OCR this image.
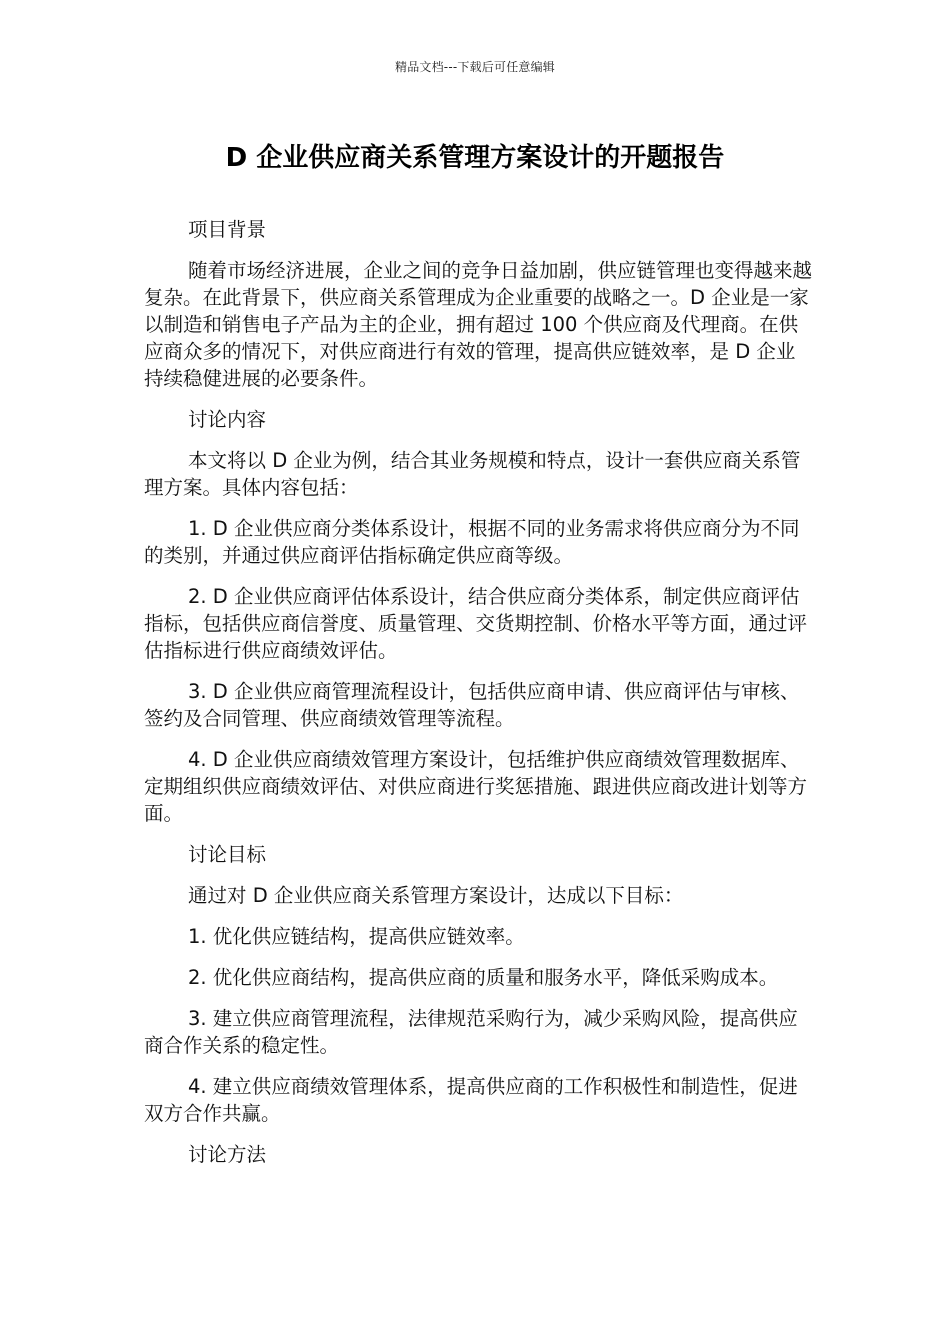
精品文档---下载后可任意编辑
D 企业供应商关系管理方案设计的开题报告

项目背景

随着市场经济进展，企业之间的竞争日益加剧，供应链管理也变得越来越复杂。在此背景下，供应商关系管理成为企业重要的战略之一。D 企业是一家以制造和销售电子产品为主的企业，拥有超过 100 个供应商及代理商。在供应商众多的情况下，对供应商进行有效的管理，提高供应链效率，是 D 企业持续稳健进展的必要条件。

讨论内容

本文将以 D 企业为例，结合其业务规模和特点，设计一套供应商关系管理方案。具体内容包括：

1. D 企业供应商分类体系设计，根据不同的业务需求将供应商分为不同的类别，并通过供应商评估指标确定供应商等级。

2. D 企业供应商评估体系设计，结合供应商分类体系，制定供应商评估指标，包括供应商信誉度、质量管理、交货期控制、价格水平等方面，通过评估指标进行供应商绩效评估。

3. D 企业供应商管理流程设计，包括供应商申请、供应商评估与审核、签约及合同管理、供应商绩效管理等流程。

4. D 企业供应商绩效管理方案设计，包括维护供应商绩效管理数据库、定期组织供应商绩效评估、对供应商进行奖惩措施、跟进供应商改进计划等方面。

讨论目标

通过对 D 企业供应商关系管理方案设计，达成以下目标：

1. 优化供应链结构，提高供应链效率。

2. 优化供应商结构，提高供应商的质量和服务水平，降低采购成本。

3. 建立供应商管理流程，法律规范采购行为，减少采购风险，提高供应商合作关系的稳定性。

4. 建立供应商绩效管理体系，提高供应商的工作积极性和制造性，促进双方合作共赢。

讨论方法
